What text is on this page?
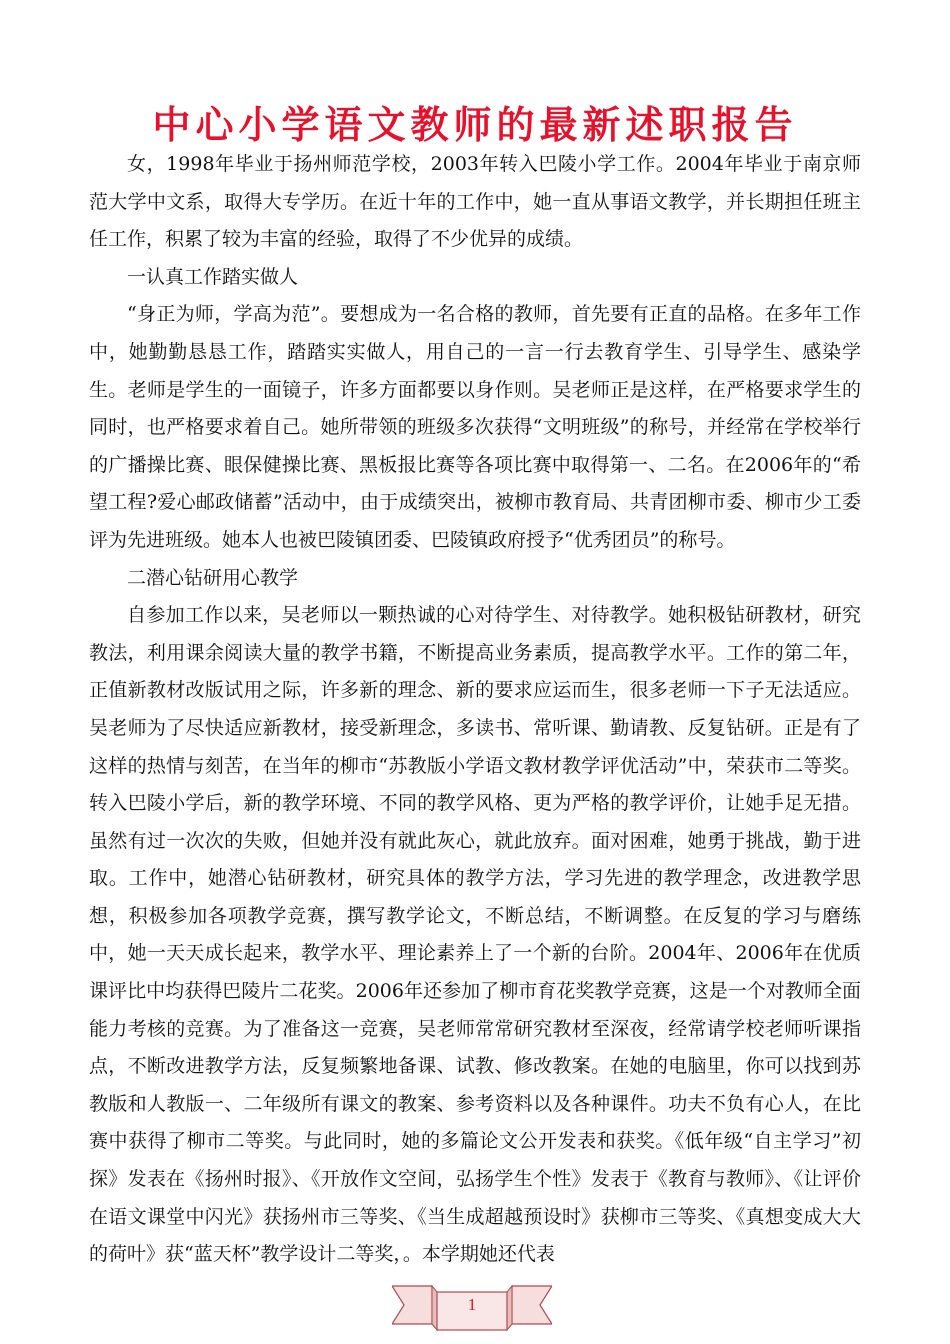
中心小学语文教师的最新述职报告

女，1998年毕业于扬州师范学校，2003年转入巴陵小学工作。2004年毕业于南京师范大学中文系，取得大专学历。在近十年的工作中，她一直从事语文教学，并长期担任班主任工作，积累了较为丰富的经验，取得了不少优异的成绩。

一认真工作踏实做人

“身正为师，学高为范”。要想成为一名合格的教师，首先要有正直的品格。在多年工作中，她勤勤恳恳工作，踏踏实实做人，用自己的一言一行去教育学生、引导学生、感染学生。老师是学生的一面镜子，许多方面都要以身作则。吴老师正是这样，在严格要求学生的同时，也严格要求着自己。她所带领的班级多次获得“文明班级”的称号，并经常在学校举行的广播操比赛、眼保健操比赛、黑板报比赛等各项比赛中取得第一、二名。在2006年的“希望工程?爱心邮政储蓄”活动中，由于成绩突出，被柳市教育局、共青团柳市委、柳市少工委评为先进班级。她本人也被巴陵镇团委、巴陵镇政府授予“优秀团员”的称号。

二潜心钻研用心教学

自参加工作以来，吴老师以一颗热诚的心对待学生、对待教学。她积极钻研教材，研究教法，利用课余阅读大量的教学书籍，不断提高业务素质，提高教学水平。工作的第二年，正值新教材改版试用之际，许多新的理念、新的要求应运而生，很多老师一下子无法适应。吴老师为了尽快适应新教材，接受新理念，多读书、常听课、勤请教、反复钻研。正是有了这样的热情与刻苦，在当年的柳市“苏教版小学语文教材教学评优活动”中，荣获市二等奖。转入巴陵小学后，新的教学环境、不同的教学风格、更为严格的教学评价，让她手足无措。虽然有过一次次的失败，但她并没有就此灰心，就此放弃。面对困难，她勇于挑战，勤于进取。工作中，她潜心钻研教材，研究具体的教学方法，学习先进的教学理念，改进教学思想，积极参加各项教学竞赛，撰写教学论文，不断总结，不断调整。在反复的学习与磨练中，她一天天成长起来，教学水平、理论素养上了一个新的台阶。2004年、2006年在优质课评比中均获得巴陵片二花奖。2006年还参加了柳市育花奖教学竞赛，这是一个对教师全面能力考核的竞赛。为了准备这一竞赛，吴老师常常研究教材至深夜，经常请学校老师听课指点，不断改进教学方法，反复频繁地备课、试教、修改教案。在她的电脑里，你可以找到苏教版和人教版一、二年级所有课文的教案、参考资料以及各种课件。功夫不负有心人，在比赛中获得了柳市二等奖。与此同时，她的多篇论文公开发表和获奖。《低年级“自主学习”初探》发表在《扬州时报》、《开放作文空间，弘扬学生个性》发表于《教育与教师》、《让评价在语文课堂中闪光》获扬州市三等奖、《当生成超越预设时》获柳市三等奖、《真想变成大大的荷叶》获“蓝天杯”教学设计二等奖，。本学期她还代表

1
